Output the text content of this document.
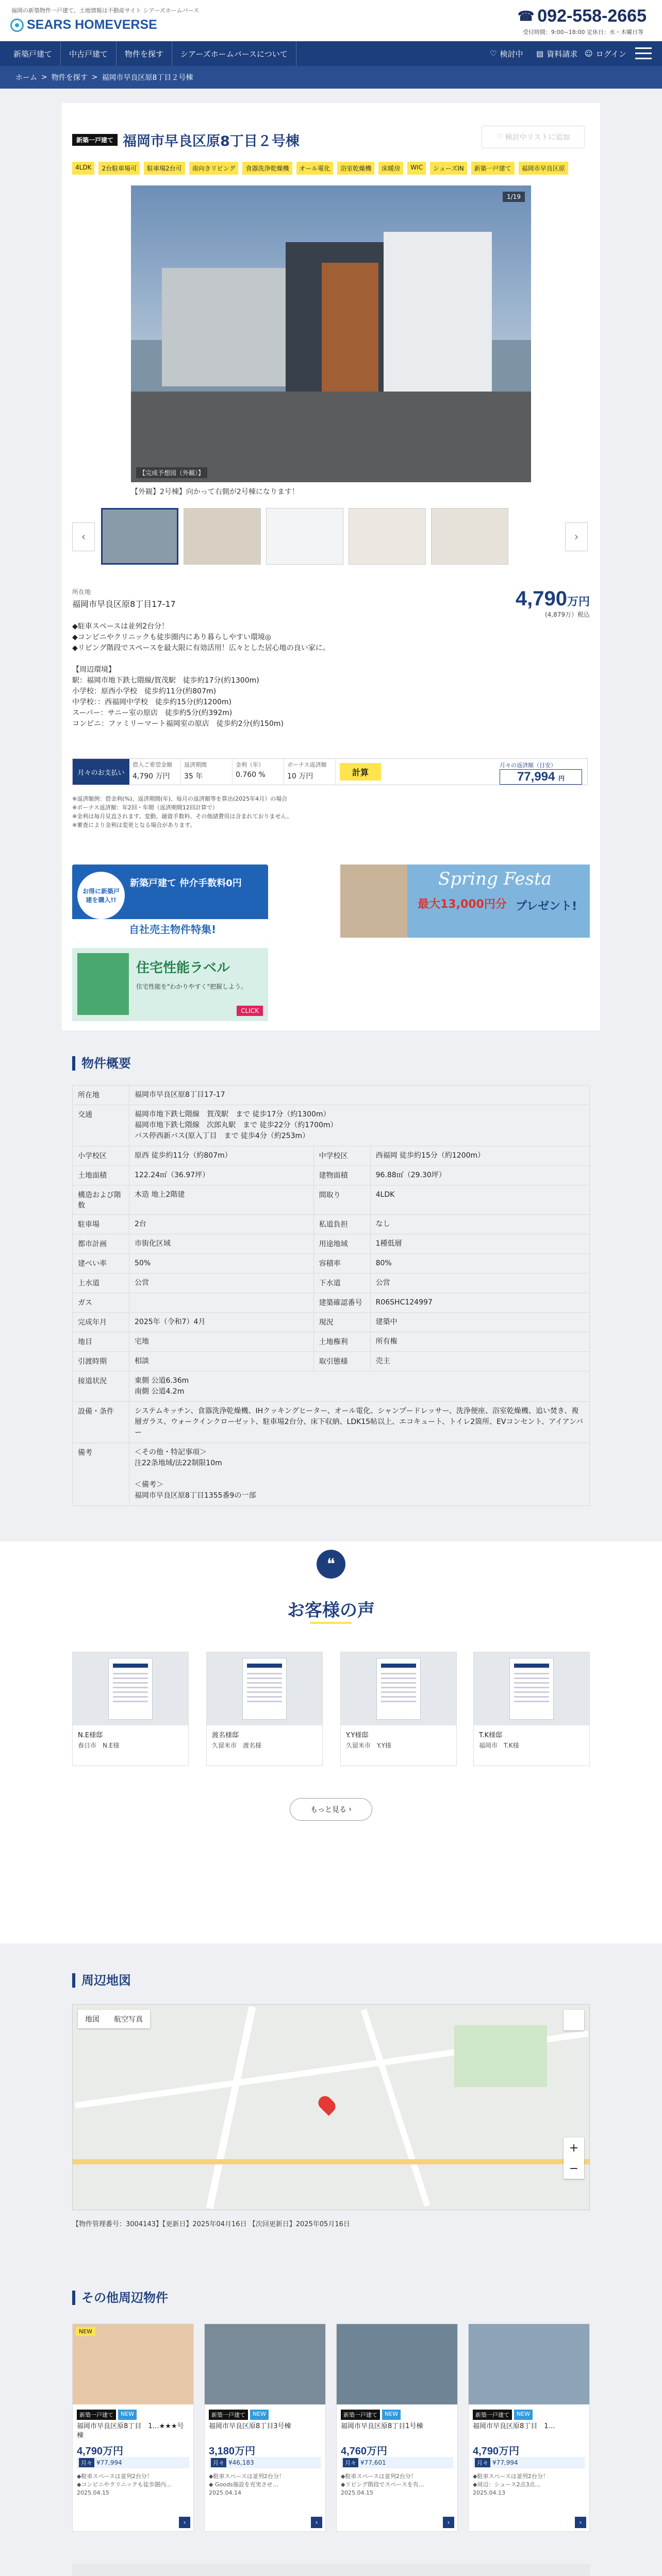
福岡の新築物件一戸建て、土地情報は不動産サイト シアーズホームバース
SEARS HOMEVERSE
☎ 092-558-2665
受付時間：9:00~18:00 定休日：水・木曜日等
新築戸建て	中古戸建て	物件を探す	シアーズホームバースについて	♡ 検討中 ▤ 資料請求 ☺ ログイン
ホーム > 物件を探す > 福岡市早良区原8丁目２号棟
新築一戸建て 福岡市早良区原8丁目２号棟	♡ 検討中リストに追加
4LDK	2台駐車場可	駐車場2台可	南向きリビング	食器洗浄乾燥機	オール電化	浴室乾燥機	床暖房	WIC	シューズIN	新築一戸建て	福岡市早良区原
1/19
【完成予想図（外観）】
【外観】2号棟】向かって右側が2号棟になります！
‹	›
所在地
福岡市早良区原8丁目17-17	4,790万円
(4,879万）税込
◆駐車スペースは並列2台分！
◆コンビニやクリニックも徒歩圏内にあり暮らしやすい環境◎
◆リビング階段でスペースを最大限に有効活用！広々とした居心地の良い家に。

【周辺環境】
駅：福岡市地下鉄七隈線/賀茂駅　徒歩約17分(約1300m)
小学校：原西小学校　徒歩約11分(約807m)
中学校：：西福岡中学校　徒歩約15分(約1200m)
スーパー：サニー室の原店　徒歩約5分(約392m)
コンビニ：ファミリーマート福岡室の原店　徒歩約2分(約150m)
月々のお支払い
借入ご希望金額
4,790 万円
返済期間
35 年
金利（年）
0.760 %
ボーナス返済額
10 万円	計算
月々の返済額（目安）
77,994 円
※返済額例：借金利(%)、返済期間(年)、毎月の返済額等を算出(2025年4月）の場合
※ボーナス返済額：年2回・年間（返済期間12回計算で）
※金利は毎月見直されます。変動、融資手数料、その他諸費用は含まれておりません。
※審査により金利は変更となる場合があります。
お得に新築戸建を購入!!
新築戸建て 仲介手数料0円
自社売主物件特集!
Spring Festa
最大13,000円分 プレゼント!
住宅性能ラベル
住宅性能を"わかりやすく"把握しよう。
CLICK
物件概要
所在地	福岡市早良区原8丁目17-17		
交通	福岡市地下鉄七隈線　賀茂駅　まで 徒歩17分（約1300m）
福岡市地下鉄七隈線　次郎丸駅　まで 徒歩22分（約1700m）
バス停西新バス(原入丁目　まで 徒歩4分（約253m）		
小学校区	原西 徒歩約11分（約807m）	中学校区	西福岡 徒歩約15分（約1200m）
土地面積	122.24㎡（36.97坪）	建物面積	96.88㎡（29.30坪）
構造および階数	木造 地上2階建	間取り	4LDK
駐車場	2台	私道負担	なし
都市計画	市街化区域	用途地域	1種低層
建ぺい率	50%	容積率	80%
上水道	公営	下水道	公営
ガス		建築確認番号	R06SHC124997
完成年月	2025年（令和7）4月	現況	建築中
地目	宅地	土地権利	所有権
引渡時期	相談	取引態様	売主
接道状況	東側 公道6.36m
南側 公道4.2m		
設備・条件	システムキッチン、食器洗浄乾燥機、IHクッキングヒーター、オール電化、シャンプードレッサー、洗浄便座、浴室乾燥機、追い焚き、複層ガラス、ウォークインクローゼット、駐車場2台分、床下収納、LDK15帖以上、エコキュート、トイレ2箇所、EVコンセント、アイアンバー		
備考	＜その他・特記事項＞
注22条地域/法22制限10m

＜備考＞
福岡市早良区原8丁目1355番9の一部		
❝
お客様の声
N.E様邸
春日市　N.E様
渡名様邸
久留米市　渡名様
Y.Y様邸
久留米市　Y.Y様
T.K様邸
福岡市　T.K様
もっと見る ›
周辺地図
地図	航空写真
+
−
【物件管理番号：3004143】【更新日】2025年04月16日 【次回更新日】2025年05月16日
その他周辺物件
NEW
新築一戸建て	NEW
福岡市早良区原8丁目　1…★★★号棟
4,790万円
月々 ¥77,994
◆駐車スペースは並列2台分！
◆コンビニやクリニックも徒歩圏内…
2025.04.15
›
新築一戸建て	NEW
福岡市早良区原8丁目3号棟
3,180万円
月々 ¥46,183
◆駐車スペースは並列2台分！
◆ Goods施設を充実させ…
2025.04.14
›
新築一戸建て	NEW
福岡市早良区原8丁目1号棟
4,760万円
月々 ¥77,601
◆駐車スペースは並列2台分！
◆リビング階段でスペースを有…
2025.04.15
›
新築一戸建て	NEW
福岡市早良区原8丁目　1…
4,790万円
月々 ¥77,994
◆駐車スペースは並列2台分！
◆周辺：シュース2点3点…
2025.04.13
›
